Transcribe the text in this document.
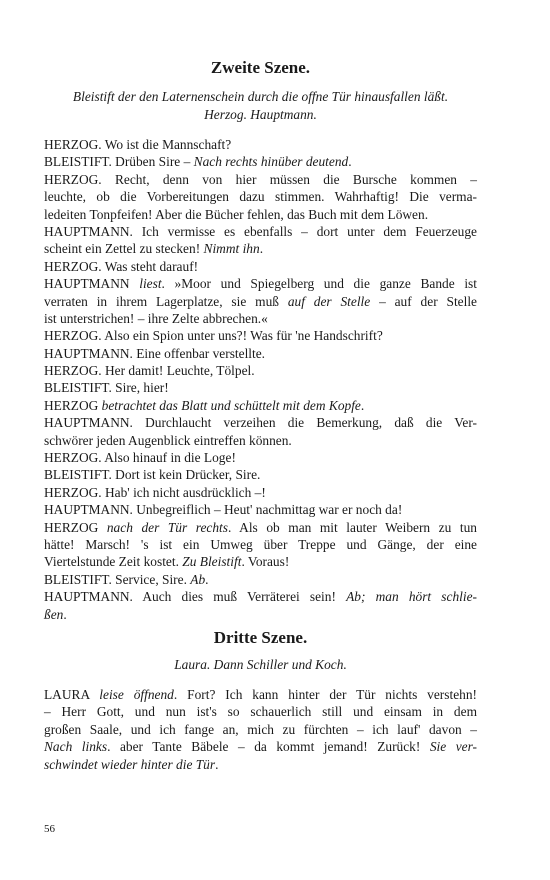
Zweite Szene.

Bleistift der den Laternenschein durch die offne Tür hinausfallen läßt.

Herzog. Hauptmann.

HERZOG. Wo ist die Mannschaft?
BLEISTIFT. Drüben Sire – Nach rechts hinüber deutend.
HERZOG. Recht, denn von hier müssen die Bursche kommen –
leuchte, ob die Vorbereitungen dazu stimmen. Wahrhaftig! Die verma-
ledeiten Tonpfeifen! Aber die Bücher fehlen, das Buch mit dem Löwen.
HAUPTMANN. Ich vermisse es ebenfalls – dort unter dem Feuerzeuge
scheint ein Zettel zu stecken! Nimmt ihn.
HERZOG. Was steht darauf!
HAUPTMANN liest. »Moor und Spiegelberg und die ganze Bande ist
verraten in ihrem Lagerplatze, sie muß auf der Stelle – auf der Stelle
ist unterstrichen! – ihre Zelte abbrechen.«
HERZOG. Also ein Spion unter uns?! Was für 'ne Handschrift?
HAUPTMANN. Eine offenbar verstellte.
HERZOG. Her damit! Leuchte, Tölpel.
BLEISTIFT. Sire, hier!
HERZOG betrachtet das Blatt und schüttelt mit dem Kopfe.
HAUPTMANN. Durchlaucht verzeihen die Bemerkung, daß die Ver-
schwörer jeden Augenblick eintreffen können.
HERZOG. Also hinauf in die Loge!
BLEISTIFT. Dort ist kein Drücker, Sire.
HERZOG. Hab' ich nicht ausdrücklich –!
HAUPTMANN. Unbegreiflich – Heut' nachmittag war er noch da!
HERZOG nach der Tür rechts. Als ob man mit lauter Weibern zu tun
hätte! Marsch! 's ist ein Umweg über Treppe und Gänge, der eine
Viertelstunde Zeit kostet. Zu Bleistift. Voraus!
BLEISTIFT. Service, Sire. Ab.
HAUPTMANN. Auch dies muß Verräterei sein! Ab; man hört schlie-
ßen.
Dritte Szene.

Laura. Dann Schiller und Koch.

LAURA leise öffnend. Fort? Ich kann hinter der Tür nichts verstehn!
– Herr Gott, und nun ist's so schauerlich still und einsam in dem
großen Saale, und ich fange an, mich zu fürchten – ich lauf' davon –
Nach links. aber Tante Bäbele – da kommt jemand! Zurück! Sie ver-
schwindet wieder hinter die Tür.
56
